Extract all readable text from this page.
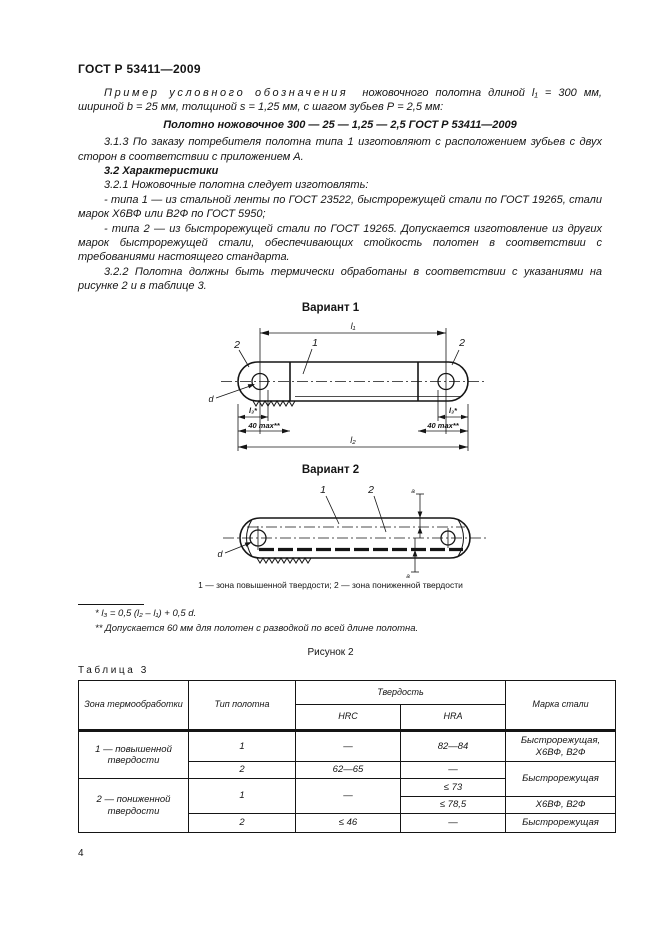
ГОСТ Р 53411—2009

Пример условного обозначения ножовочного полотна длиной l₁ = 300 мм, шириной b = 25 мм, толщиной s = 1,25 мм, с шагом зубьев Р = 2,5 мм:

Полотно ножовочное 300 — 25 — 1,25 — 2,5 ГОСТ Р 53411—2009

3.1.3 По заказу потребителя полотна типа 1 изготовляют с расположением зубьев с двух сторон в соответствии с приложением А.

3.2 Характеристики

3.2.1 Ножовочные полотна следует изготовлять:

- типа 1 — из стальной ленты по ГОСТ 23522, быстрорежущей стали по ГОСТ 19265, стали марок Х6ВФ или В2Ф по ГОСТ 5950;

- типа 2 — из быстрорежущей стали по ГОСТ 19265. Допускается изготовление из других марок быстрорежущей стали, обеспечивающих стойкость полотен в соответствии с требованиями настоящего стандарта.

3.2.2 Полотна должны быть термически обработаны в соответствии с указаниями на рисунке 2 и в таблице 3.

Вариант 1
l₁
l₃*	l₃*
40 max**	40 max**
l₂
2	1	2
d
Вариант 2
1	2
d
a
a
1 — зона повышенной твердости; 2 — зона пониженной твердости
* l₃ = 0,5 (l₂ – l₁) + 0,5 d.
** Допускается 60 мм для полотен с разводкой по всей длине полотна.
Рисунок 2
Таблица 3
Зона термообработки	Тип полотна	Твердость		Марка стали
		HRC	HRA	
1 — повышенной твердости	1	—	82—84	Быстрорежущая, Х6ВФ, В2Ф
	2	62—65	—	Быстрорежущая
2 — пониженной твердости	1	—	≤ 73	
			≤ 78,5	Х6ВФ, В2Ф
	2	≤ 46	—	Быстрорежущая
4
